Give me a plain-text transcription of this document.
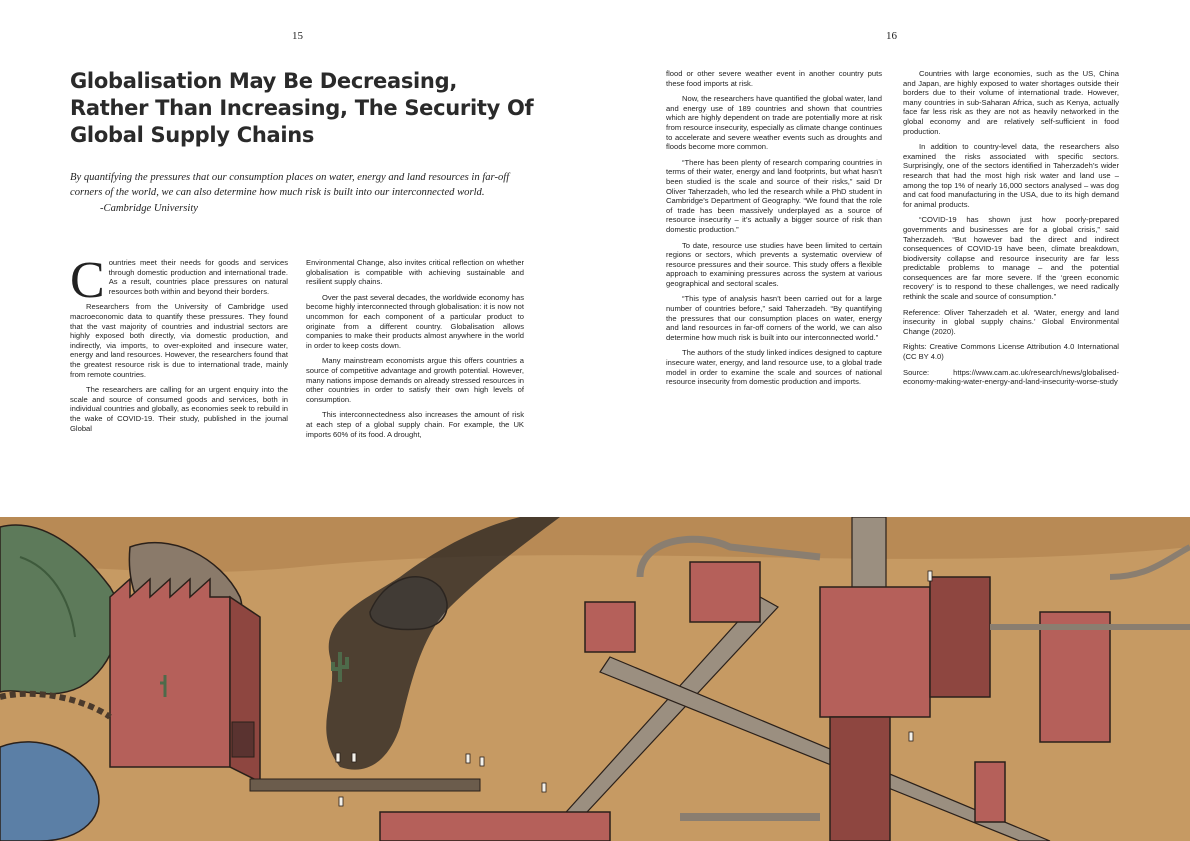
15	16
Globalisation May Be Decreasing, Rather Than Increasing, The Security Of Global Supply Chains

By quantifying the pressures that our consumption places on water, energy and land resources in far-off corners of the world, we can also determine how much risk is built into our interconnected world.

-Cambridge University

Countries meet their needs for goods and services through domestic production and international trade. As a result, countries place pressures on natural resources both within and beyond their borders.

Researchers from the University of Cambridge used macroeconomic data to quantify these pressures. They found that the vast majority of countries and industrial sectors are highly exposed both directly, via domestic production, and indirectly, via imports, to over-exploited and insecure water, energy and land resources. However, the researchers found that the greatest resource risk is due to international trade, mainly from remote countries.

The researchers are calling for an urgent enquiry into the scale and source of consumed goods and services, both in individual countries and globally, as economies seek to rebuild in the wake of COVID-19. Their study, published in the journal Global

Environmental Change, also invites critical reflection on whether globalisation is compatible with achieving sustainable and resilient supply chains.

Over the past several decades, the worldwide economy has become highly interconnected through globalisation: it is now not uncommon for each component of a particular product to originate from a different country. Globalisation allows companies to make their products almost anywhere in the world in order to keep costs down.

Many mainstream economists argue this offers countries a source of competitive advantage and growth potential. However, many nations impose demands on already stressed resources in other countries in order to satisfy their own high levels of consumption.

This interconnectedness also increases the amount of risk at each step of a global supply chain. For example, the UK imports 60% of its food. A drought,

flood or other severe weather event in another country puts these food imports at risk.

Now, the researchers have quantified the global water, land and energy use of 189 countries and shown that countries which are highly dependent on trade are potentially more at risk from resource insecurity, especially as climate change continues to accelerate and severe weather events such as droughts and floods become more common.

“There has been plenty of research comparing countries in terms of their water, energy and land footprints, but what hasn’t been studied is the scale and source of their risks,” said Dr Oliver Taherzadeh, who led the research while a PhD student in Cambridge’s Department of Geography. “We found that the role of trade has been massively underplayed as a source of resource insecurity – it’s actually a bigger source of risk than domestic production.”

To date, resource use studies have been limited to certain regions or sectors, which prevents a systematic overview of resource pressures and their source. This study offers a flexible approach to examining pressures across the system at various geographical and sectoral scales.

“This type of analysis hasn’t been carried out for a large number of countries before,” said Taherzadeh. “By quantifying the pressures that our consumption places on water, energy and land resources in far-off corners of the world, we can also determine how much risk is built into our interconnected world.”

The authors of the study linked indices designed to capture insecure water, energy, and land resource use, to a global trade model in order to examine the scale and sources of national resource insecurity from domestic production and imports.

Countries with large economies, such as the US, China and Japan, are highly exposed to water shortages outside their borders due to their volume of international trade. However, many countries in sub-Saharan Africa, such as Kenya, actually face far less risk as they are not as heavily networked in the global economy and are relatively self-sufficient in food production.

In addition to country-level data, the researchers also examined the risks associated with specific sectors. Surprisingly, one of the sectors identified in Taherzadeh’s wider research that had the most high risk water and land use – among the top 1% of nearly 16,000 sectors analysed – was dog and cat food manufacturing in the USA, due to its high demand for animal products.

“COVID-19 has shown just how poorly-prepared governments and businesses are for a global crisis,” said Taherzadeh. “But however bad the direct and indirect consequences of COVID-19 have been, climate breakdown, biodiversity collapse and resource insecurity are far less predictable problems to manage – and the potential consequences are far more severe. If the ‘green economic recovery’ is to respond to these challenges, we need radically rethink the scale and source of consumption.”

Reference: Oliver Taherzadeh et al. ‘Water, energy and land insecurity in global supply chains.’ Global Environmental Change (2020).

Rights: Creative Commons License Attribution 4.0 International (CC BY 4.0)

Source: https://www.cam.ac.uk/research/news/globalised-economy-making-water-energy-and-land-insecurity-worse-study
